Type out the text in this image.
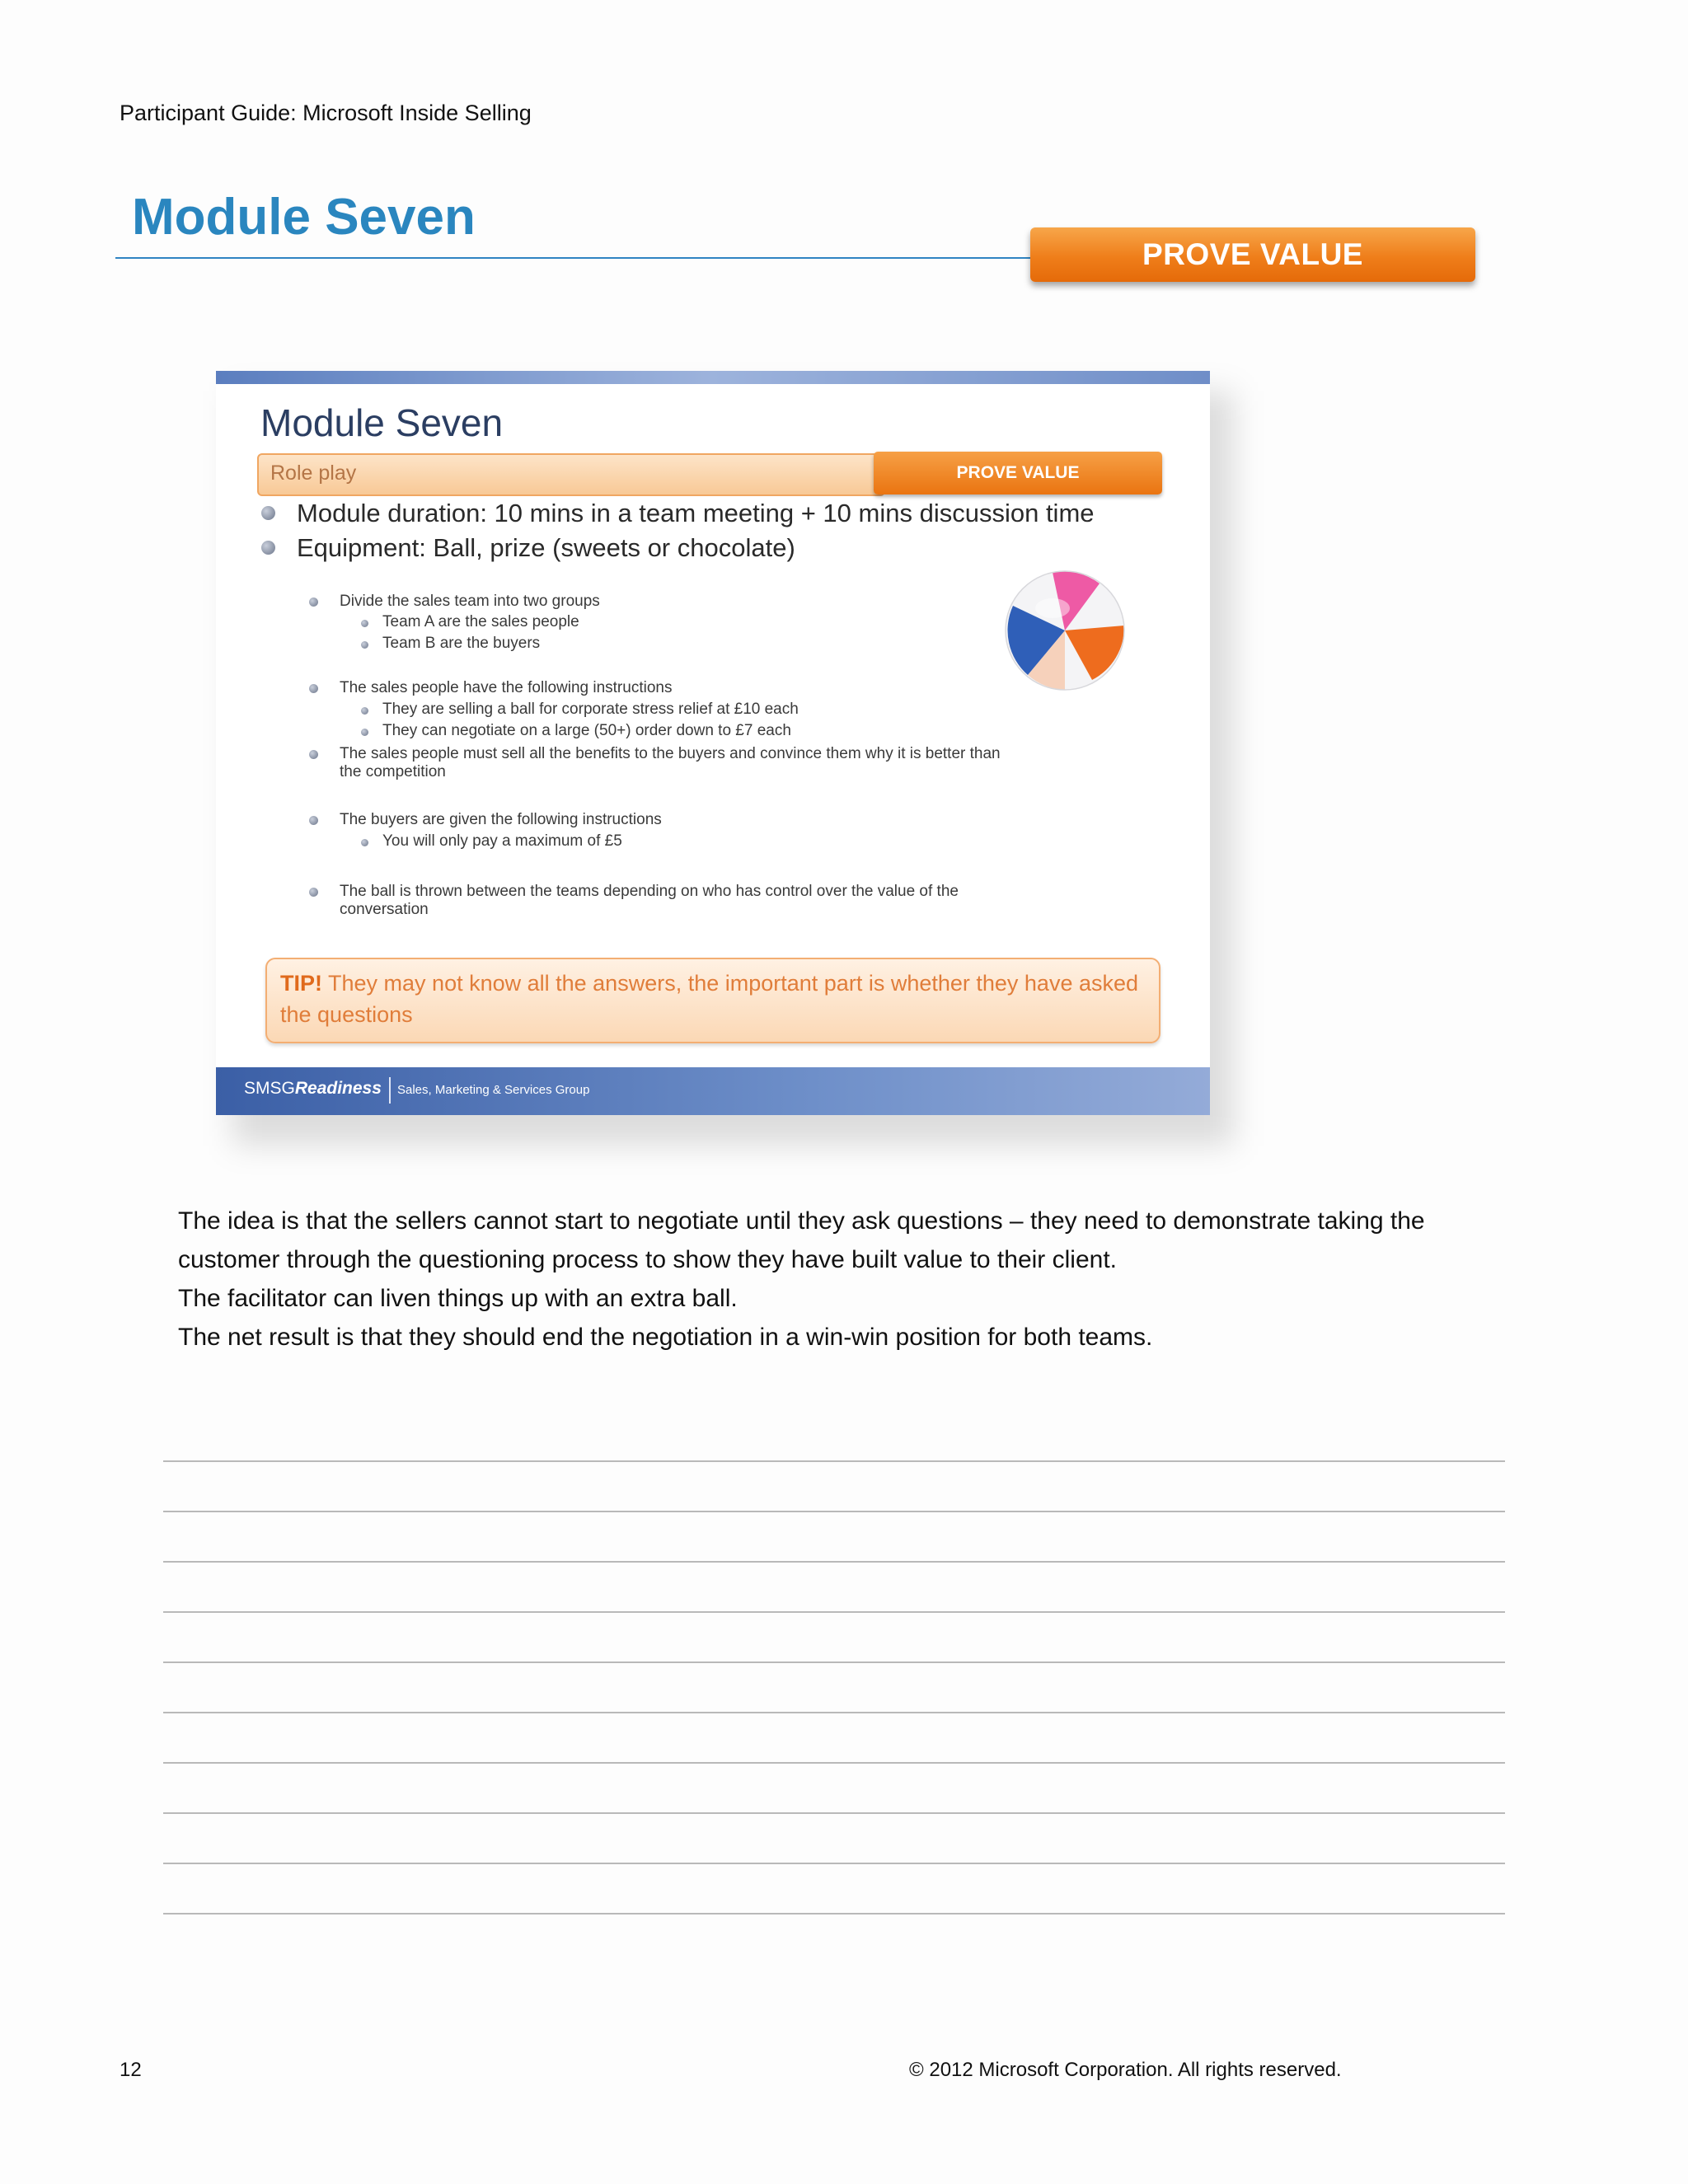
Participant Guide: Microsoft Inside Selling
Module Seven
PROVE VALUE
Module Seven
Role play	PROVE VALUE
Module duration: 10 mins in a team meeting + 10 mins discussion time
Equipment: Ball, prize (sweets or chocolate)
Divide the sales team into two groups
Team A are the sales people
Team B are the buyers
The sales people have the following instructions
They are selling a ball for corporate stress relief at £10 each
They can negotiate on a large (50+) order down to £7 each
The sales people must sell all the benefits to the buyers and convince them why it is better than
the competition
The buyers are given the following instructions
You will only pay a maximum of £5
The ball is thrown between the teams depending on who has control over the value of the
conversation
TIP! They may not know all the answers, the important part is whether they have asked the questions
SMSGReadiness Sales, Marketing & Services Group

The idea is that the sellers cannot start to negotiate until they ask questions – they need to demonstrate taking the customer through the questioning process to show they have built value to their client.

The facilitator can liven things up with an extra ball.

The net result is that they should end the negotiation in a win-win position for both teams.

12	© 2012 Microsoft Corporation. All rights reserved.
